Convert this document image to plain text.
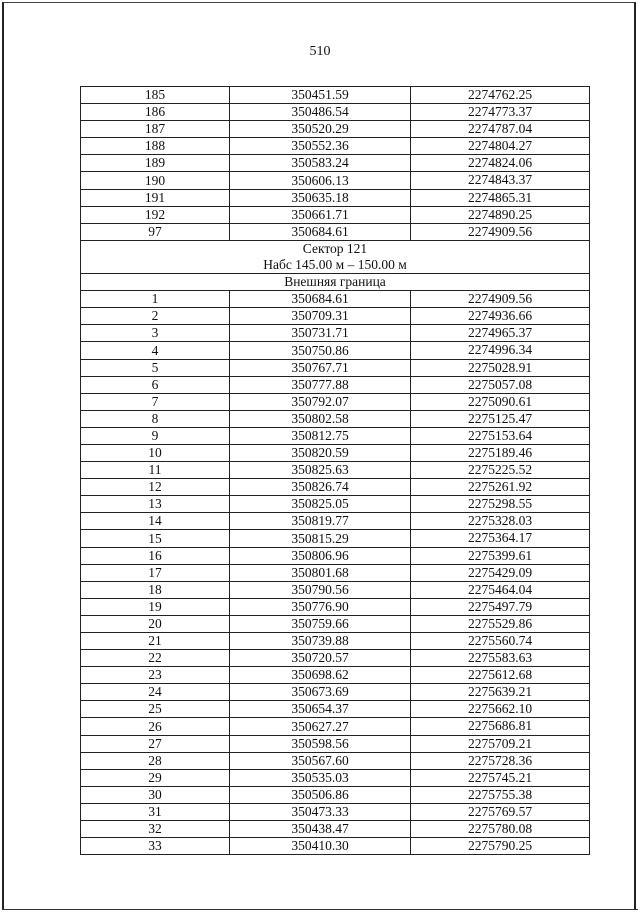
510
185	350451.59	2274762.25
186	350486.54	2274773.37
187	350520.29	2274787.04
188	350552.36	2274804.27
189	350583.24	2274824.06
190	350606.13	2274843.37
191	350635.18	2274865.31
192	350661.71	2274890.25
97	350684.61	2274909.56
Сектор 121		
Набс 145.00 м – 150.00 м		
Внешняя граница		
1	350684.61	2274909.56
2	350709.31	2274936.66
3	350731.71	2274965.37
4	350750.86	2274996.34
5	350767.71	2275028.91
6	350777.88	2275057.08
7	350792.07	2275090.61
8	350802.58	2275125.47
9	350812.75	2275153.64
10	350820.59	2275189.46
11	350825.63	2275225.52
12	350826.74	2275261.92
13	350825.05	2275298.55
14	350819.77	2275328.03
15	350815.29	2275364.17
16	350806.96	2275399.61
17	350801.68	2275429.09
18	350790.56	2275464.04
19	350776.90	2275497.79
20	350759.66	2275529.86
21	350739.88	2275560.74
22	350720.57	2275583.63
23	350698.62	2275612.68
24	350673.69	2275639.21
25	350654.37	2275662.10
26	350627.27	2275686.81
27	350598.56	2275709.21
28	350567.60	2275728.36
29	350535.03	2275745.21
30	350506.86	2275755.38
31	350473.33	2275769.57
32	350438.47	2275780.08
33	350410.30	2275790.25
